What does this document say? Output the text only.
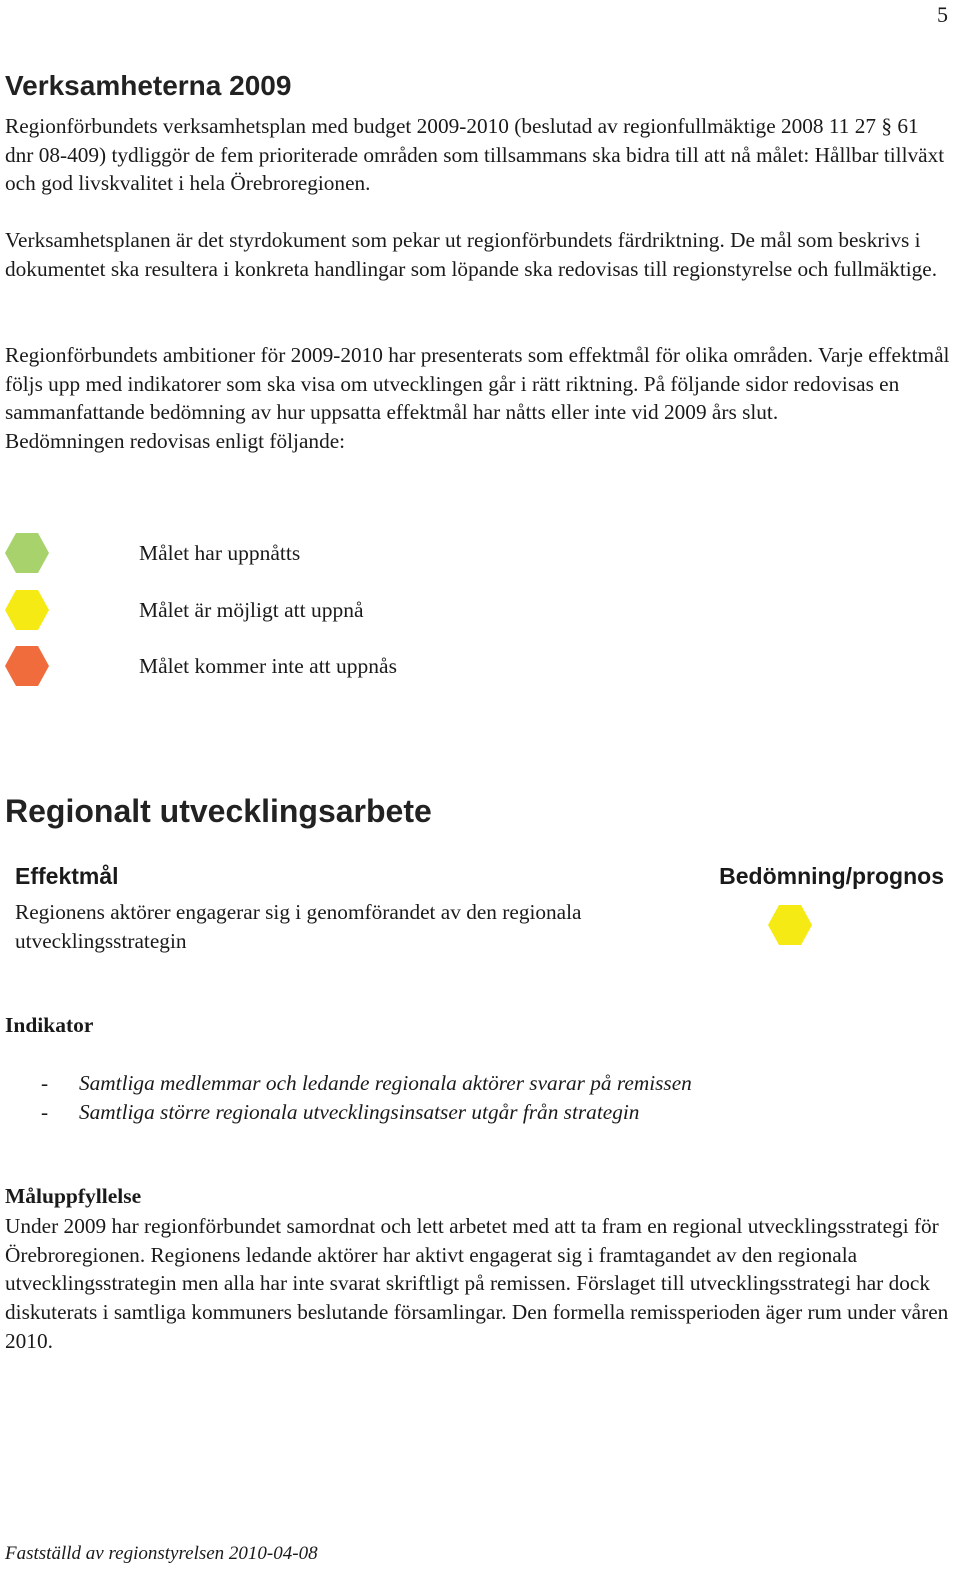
5
Verksamheterna 2009

Regionförbundets verksamhetsplan med budget 2009-2010 (beslutad av regionfullmäktige 2008 11 27 § 61 dnr 08-409) tydliggör de fem prioriterade områden som tillsammans ska bidra till att nå målet: Hållbar tillväxt och god livskvalitet i hela Örebroregionen.

Verksamhetsplanen är det styrdokument som pekar ut regionförbundets färdriktning. De mål som beskrivs i dokumentet ska resultera i konkreta handlingar som löpande ska redovisas till regionstyrelse och fullmäktige.

Regionförbundets ambitioner för 2009-2010 har presenterats som effektmål för olika områden. Varje effektmål följs upp med indikatorer som ska visa om utvecklingen går i rätt riktning. På följande sidor redovisas en sammanfattande bedömning av hur uppsatta effektmål har nåtts eller inte vid 2009 års slut.
Bedömningen redovisas enligt följande:
Målet har uppnåtts
Målet är möjligt att uppnå
Målet kommer inte att uppnås
Regionalt utvecklingsarbete
Effektmål	Bedömning/prognos
Regionens aktörer engagerar sig i genomförandet av den regionala utvecklingsstrategin
Indikator
-	Samtliga medlemmar och ledande regionala aktörer svarar på remissen
-	Samtliga större regionala utvecklingsinsatser utgår från strategin
Måluppfyllelse

Under 2009 har regionförbundet samordnat och lett arbetet med att ta fram en regional utvecklingsstrategi för Örebroregionen. Regionens ledande aktörer har aktivt engagerat sig i framtagandet av den regionala utvecklingsstrategin men alla har inte svarat skriftligt på remissen. Förslaget till utvecklingsstrategi har dock diskuterats i samtliga kommuners beslutande församlingar. Den formella remissperioden äger rum under våren 2010.

Fastställd av regionstyrelsen 2010-04-08
